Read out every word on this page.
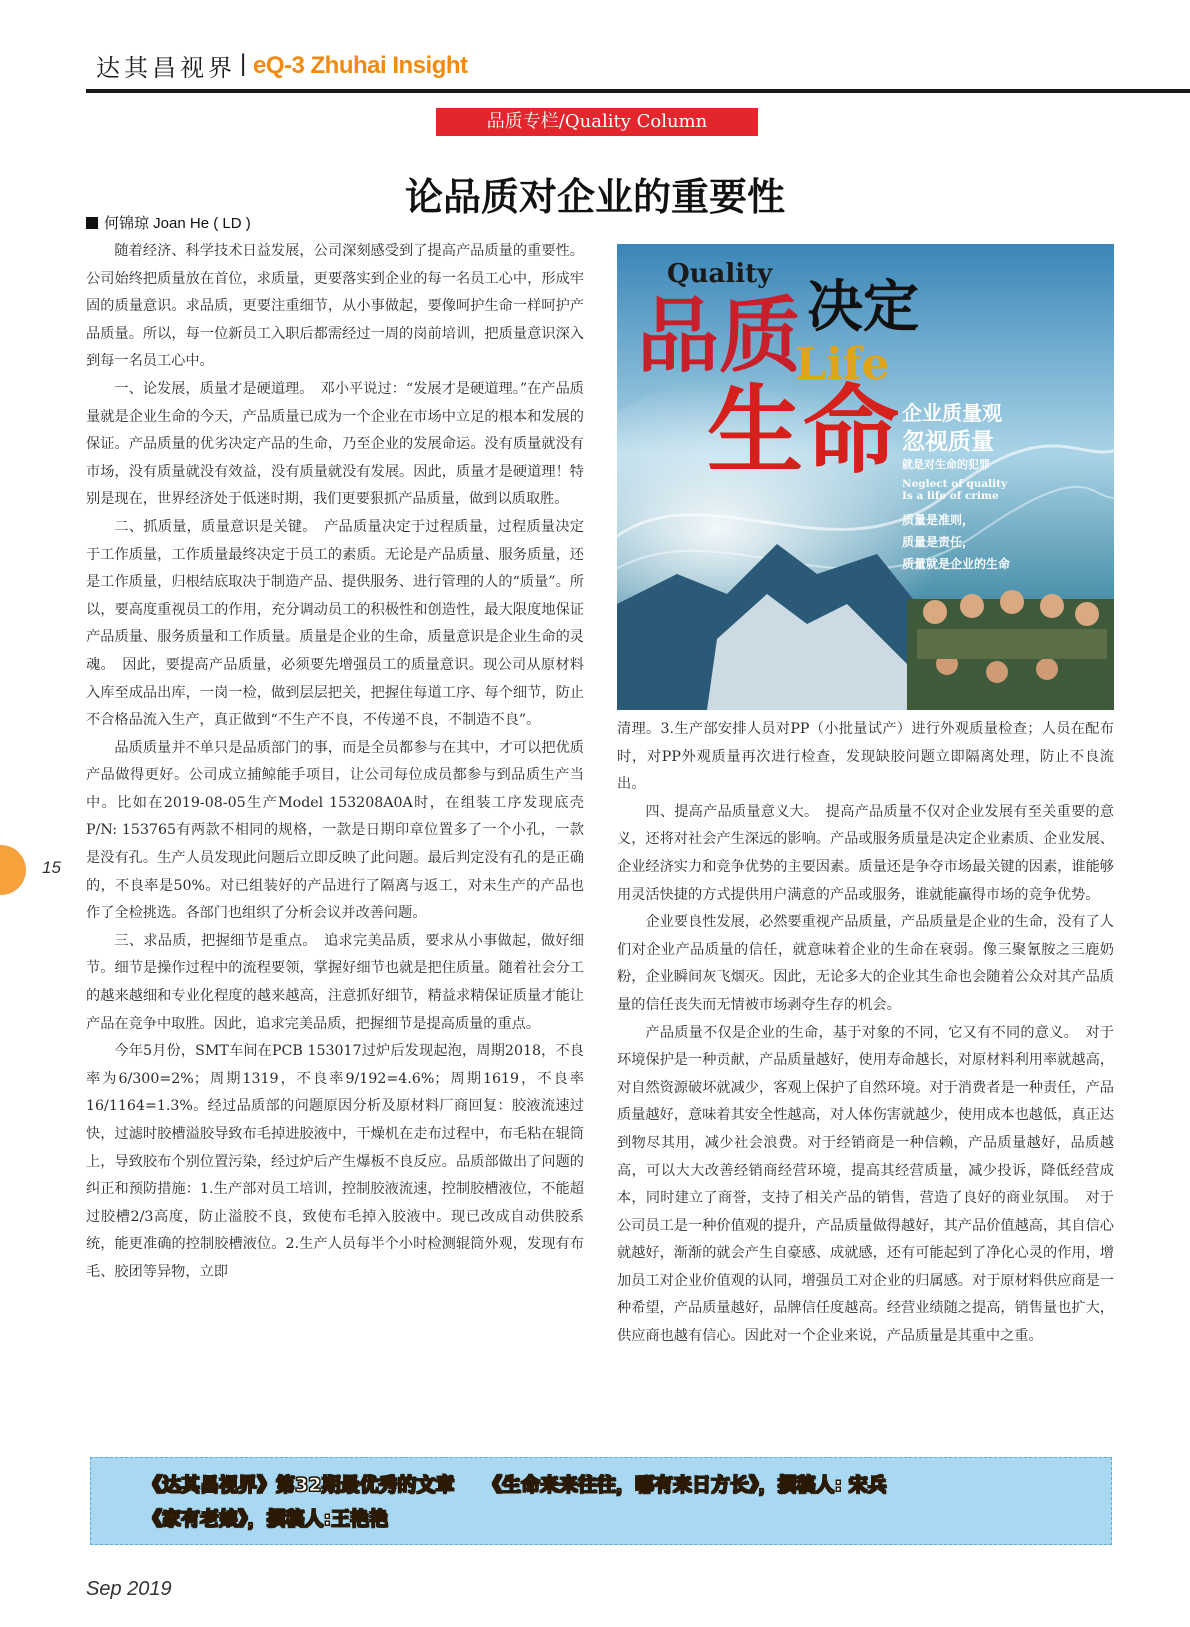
达其昌视界 | eQ-3 Zhuhai Insight
品质专栏/Quality Column
论品质对企业的重要性
何锦琼 Joan He ( LD )

随着经济、科学技术日益发展，公司深刻感受到了提高产品质量的重要性。公司始终把质量放在首位，求质量，更要落实到企业的每一名员工心中，形成牢固的质量意识。求品质，更要注重细节，从小事做起，要像呵护生命一样呵护产品质量。所以，每一位新员工入职后都需经过一周的岗前培训，把质量意识深入到每一名员工心中。

一、论发展，质量才是硬道理。　邓小平说过：“发展才是硬道理。”在产品质量就是企业生命的今天，产品质量已成为一个企业在市场中立足的根本和发展的保证。产品质量的优劣决定产品的生命，乃至企业的发展命运。没有质量就没有市场，没有质量就没有效益，没有质量就没有发展。因此，质量才是硬道理！特别是现在，世界经济处于低迷时期，我们更要狠抓产品质量，做到以质取胜。

二、抓质量，质量意识是关键。　产品质量决定于过程质量，过程质量决定于工作质量，工作质量最终决定于员工的素质。无论是产品质量、服务质量，还是工作质量，归根结底取决于制造产品、提供服务、进行管理的人的“质量”。所以，要高度重视员工的作用，充分调动员工的积极性和创造性，最大限度地保证产品质量、服务质量和工作质量。质量是企业的生命，质量意识是企业生命的灵魂。　因此，要提高产品质量，必须要先增强员工的质量意识。现公司从原材料入库至成品出库，一岗一检，做到层层把关，把握住每道工序、每个细节，防止不合格品流入生产，真正做到“不生产不良，不传递不良，不制造不良”。

品质质量并不单只是品质部门的事，而是全员都参与在其中，才可以把优质产品做得更好。公司成立捕鲸能手项目，让公司每位成员都参与到品质生产当中。比如在2019-08-05生产Model 153208A0A时，在组装工序发现底壳P/N: 153765有两款不相同的规格，一款是日期印章位置多了一个小孔，一款是没有孔。生产人员发现此问题后立即反映了此问题。最后判定没有孔的是正确的，不良率是50%。对已组装好的产品进行了隔离与返工，对未生产的产品也作了全检挑选。各部门也组织了分析会议并改善问题。

三、求品质，把握细节是重点。　追求完美品质，要求从小事做起，做好细节。细节是操作过程中的流程要领，掌握好细节也就是把住质量。随着社会分工的越来越细和专业化程度的越来越高，注意抓好细节，精益求精保证质量才能让产品在竞争中取胜。因此，追求完美品质，把握细节是提高质量的重点。

今年5月份，SMT车间在PCB 153017过炉后发现起泡，周期2018，不良率为6/300=2%；周期1319，不良率9/192=4.6%；周期1619，不良率16/1164=1.3%。经过品质部的问题原因分析及原材料厂商回复：胶液流速过快，过滤时胶槽溢胶导致布毛掉进胶液中，干燥机在走布过程中，布毛粘在辊筒上，导致胶布个别位置污染，经过炉后产生爆板不良反应。品质部做出了问题的纠正和预防措施：1.生产部对员工培训，控制胶液流速，控制胶槽液位，不能超过胶槽2/3高度，防止溢胶不良，致使布毛掉入胶液中。现已改成自动供胶系统，能更准确的控制胶槽液位。2.生产人员每半个小时检测辊筒外观，发现有布毛、胶团等异物，立即

Quality
品质 决定
Life
生命 企业质量观
忽视质量
就是对生命的犯罪
Neglect of quality
Is a life of crime
质量是准则，
质量是责任，
质量就是企业的生命

清理。3.生产部安排人员对PP（小批量试产）进行外观质量检查；人员在配布时，对PP外观质量再次进行检查，发现缺胶问题立即隔离处理，防止不良流出。

四、提高产品质量意义大。　提高产品质量不仅对企业发展有至关重要的意义，还将对社会产生深远的影响。产品或服务质量是决定企业素质、企业发展、企业经济实力和竞争优势的主要因素。质量还是争夺市场最关键的因素，谁能够用灵活快捷的方式提供用户满意的产品或服务，谁就能赢得市场的竞争优势。

企业要良性发展，必然要重视产品质量，产品质量是企业的生命，没有了人们对企业产品质量的信任，就意味着企业的生命在衰弱。像三聚氰胺之三鹿奶粉，企业瞬间灰飞烟灭。因此，无论多大的企业其生命也会随着公众对其产品质量的信任丧失而无情被市场剥夺生存的机会。

产品质量不仅是企业的生命，基于对象的不同，它又有不同的意义。　对于环境保护是一种贡献，产品质量越好，使用寿命越长，对原材料利用率就越高，对自然资源破坏就减少，客观上保护了自然环境。对于消费者是一种责任，产品质量越好，意味着其安全性越高，对人体伤害就越少，使用成本也越低，真正达到物尽其用，减少社会浪费。对于经销商是一种信赖，产品质量越好，品质越高，可以大大改善经销商经营环境，提高其经营质量，减少投诉，降低经营成本，同时建立了商誉，支持了相关产品的销售，营造了良好的商业氛围。　对于公司员工是一种价值观的提升，产品质量做得越好，其产品价值越高，其自信心就越好，渐渐的就会产生自豪感、成就感，还有可能起到了净化心灵的作用，增加员工对企业价值观的认同，增强员工对企业的归属感。对于原材料供应商是一种希望，产品质量越好，品牌信任度越高。经营业绩随之提高，销售量也扩大，供应商也越有信心。因此对一个企业来说，产品质量是其重中之重。

15
《达其昌视界》第32期最优秀的文章　　《生命来来往往，哪有来日方长》，撰稿人: 宋兵
《家有老娘》，撰稿人:王艳艳
Sep 2019
